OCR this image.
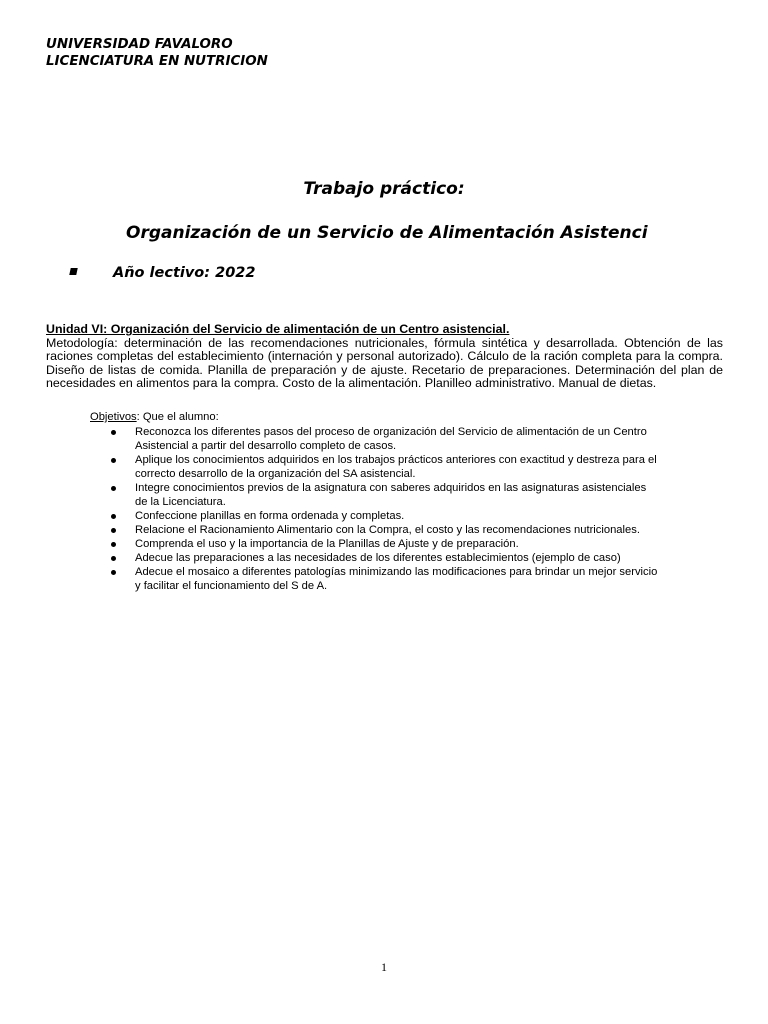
UNIVERSIDAD FAVALORO
LICENCIATURA EN NUTRICION
Trabajo práctico:
Organización de un Servicio de Alimentación Asistenci
Año lectivo: 2022
Unidad VI: Organización del Servicio de alimentación de un Centro asistencial.
Metodología: determinación de las recomendaciones nutricionales, fórmula sintética y desarrollada. Obtención de las raciones completas del establecimiento (internación y personal autorizado). Cálculo de la ración completa para la compra. Diseño de listas de comida. Planilla de preparación y de ajuste. Recetario de preparaciones. Determinación del plan de necesidades en alimentos para la compra. Costo de la alimentación. Planilleo administrativo. Manual de dietas.
Objetivos: Que el alumno:
Reconozca los diferentes pasos del proceso de organización del Servicio de alimentación de un Centro
Asistencial a partir del desarrollo completo de casos.
Aplique los conocimientos adquiridos en los trabajos prácticos anteriores con exactitud y destreza para el
correcto desarrollo de la organización del SA asistencial.
Integre conocimientos previos de la asignatura con saberes adquiridos en las asignaturas asistenciales
de la Licenciatura.
Confeccione planillas en forma ordenada y completas.
Relacione el Racionamiento Alimentario con la Compra, el costo y las recomendaciones nutricionales.
Comprenda el uso y la importancia de la Planillas de Ajuste y de preparación.
Adecue las preparaciones a las necesidades de los diferentes establecimientos (ejemplo de caso)
Adecue el mosaico a diferentes patologías minimizando las modificaciones para brindar un mejor servicio
y facilitar el funcionamiento del S de A.
1
